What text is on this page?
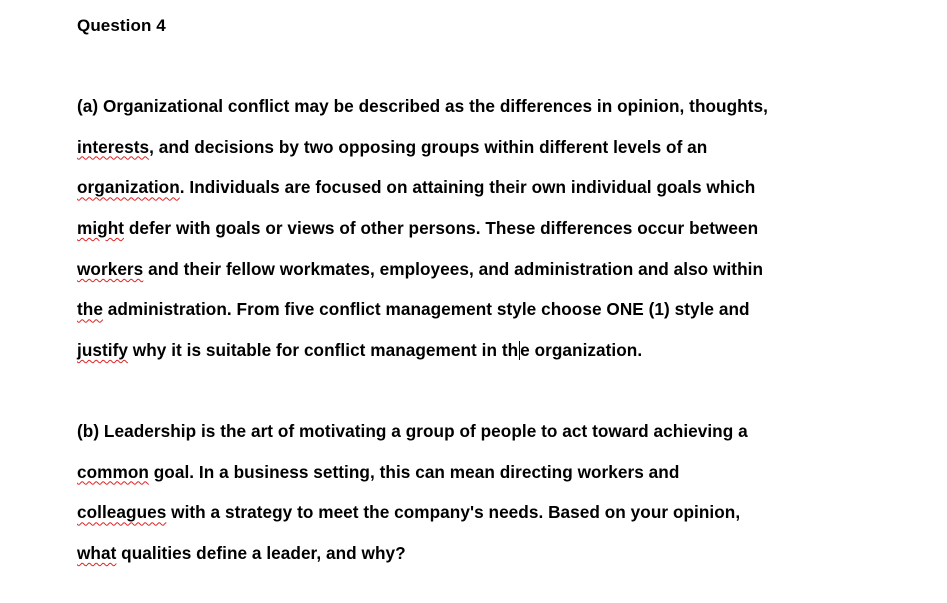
Question 4
(a) Organizational conflict may be described as the differences in opinion, thoughts,
interests, and decisions by two opposing groups within different levels of an
organization. Individuals are focused on attaining their own individual goals which
might defer with goals or views of other persons. These differences occur between
workers and their fellow workmates, employees, and administration and also within
the administration. From five conflict management style choose ONE (1) style and
justify why it is suitable for conflict management in th e organization.
(b) Leadership is the art of motivating a group of people to act toward achieving a
common goal. In a business setting, this can mean directing workers and
colleagues with a strategy to meet the company's needs. Based on your opinion,
what qualities define a leader, and why?
